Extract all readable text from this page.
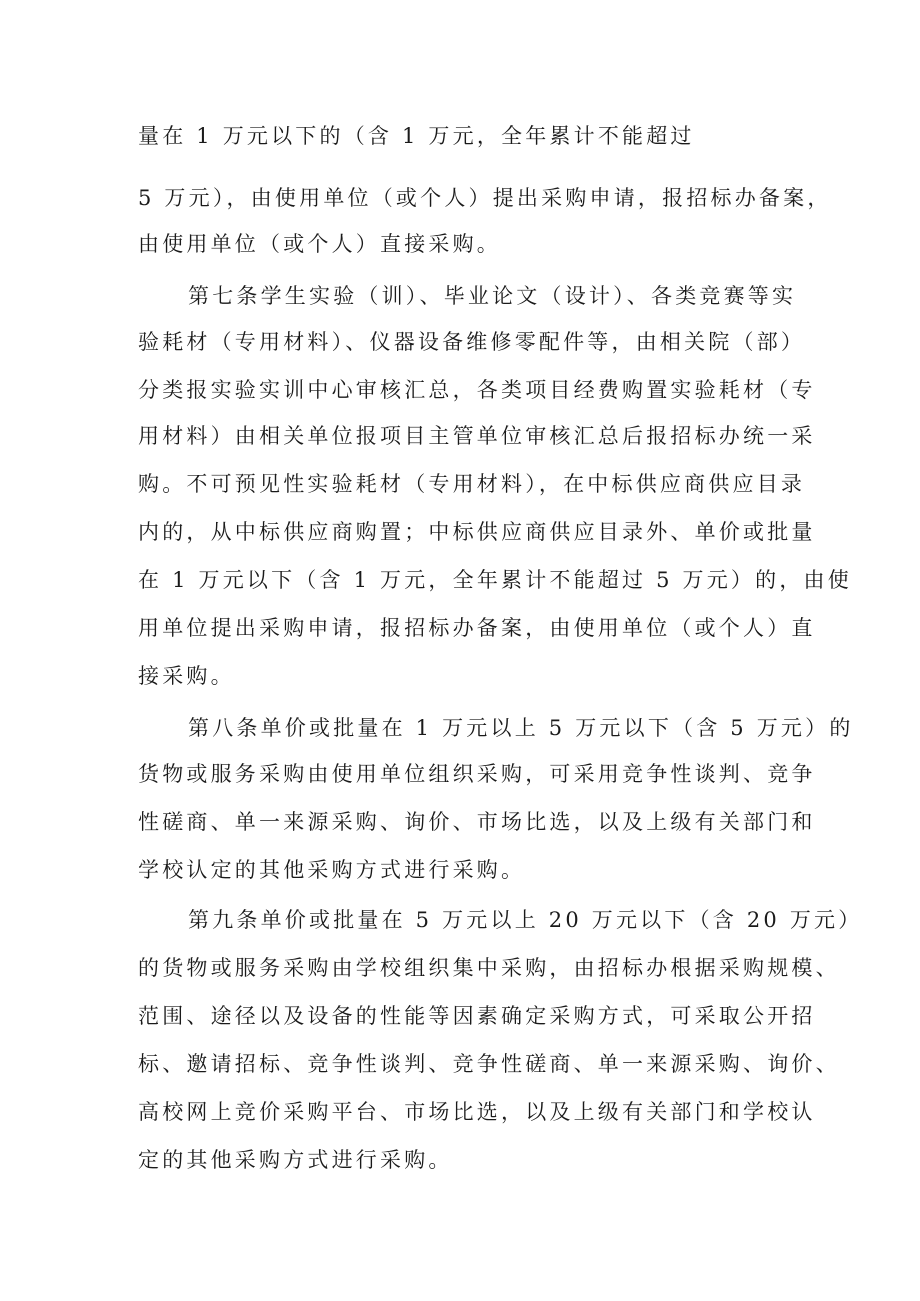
量在 1 万元以下的（含 1 万元，全年累计不能超过
5 万元），由使用单位（或个人）提出采购申请，报招标办备案，
由使用单位（或个人）直接采购。
第七条学生实验（训）、毕业论文（设计）、各类竞赛等实
验耗材（专用材料）、仪器设备维修零配件等，由相关院（部）
分类报实验实训中心审核汇总，各类项目经费购置实验耗材（专
用材料）由相关单位报项目主管单位审核汇总后报招标办统一采
购。不可预见性实验耗材（专用材料），在中标供应商供应目录
内的，从中标供应商购置；中标供应商供应目录外、单价或批量
在 1 万元以下（含 1 万元，全年累计不能超过 5 万元）的，由使
用单位提出采购申请，报招标办备案，由使用单位（或个人）直
接采购。
第八条单价或批量在 1 万元以上 5 万元以下（含 5 万元）的
货物或服务采购由使用单位组织采购，可采用竞争性谈判、竞争
性磋商、单一来源采购、询价、市场比选，以及上级有关部门和
学校认定的其他采购方式进行采购。
第九条单价或批量在 5 万元以上 20 万元以下（含 20 万元）
的货物或服务采购由学校组织集中采购，由招标办根据采购规模、
范围、途径以及设备的性能等因素确定采购方式，可采取公开招
标、邀请招标、竞争性谈判、竞争性磋商、单一来源采购、询价、
高校网上竞价采购平台、市场比选，以及上级有关部门和学校认
定的其他采购方式进行采购。
